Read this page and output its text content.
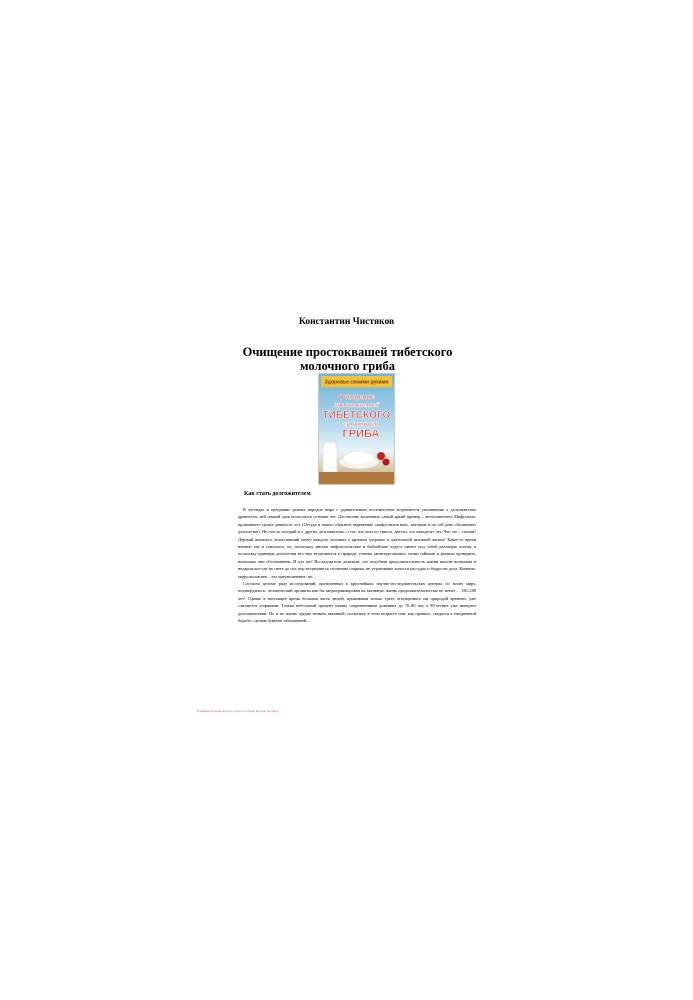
Константин Чистяков
Очищение простоквашей тибетского молочного гриба
Здоровье своими руками
Очищение
простоквашей
ТИБЕТСКОГО
молочного
ГРИБА
Как стать долгожителем

В легендах и преданиях разных народов мира с удивительным постоянством встречаются упоминания о долгожителях древности, чей земной срок исчислялся сотнями лет. Достаточно вспомнить самый яркий пример – ветхозаветного Мафусаила, прожившего целых девятьсот лет. (Отсуда и пошло образное выражение «мафусаилов век», которым и по сей день обозначают долголетие). Не счесть историй и о других долгожителях, о тех, кто жил по триста, двести, сто пятьдесят лет. Что это – сказки? Дерзкий вымысел, воплотивший мечту каждого человека о крепком здоровье и длительной активной жизни? Какое-то время именно так и считалось, но, поскольку многие мифологические и библейские чудеса имеют под собой реальную основу и поскольку примеры долголетия все еще встречаются в природе, ученые заинтересовались этими тайнами и решили проверить, насколько они обоснованны. И что же? Исследователи доказали, что подобная продолжительность жизни вполне возможна и недаром кое-где на свете до сих пор встречаются столетние старики, не утратившие ясности рассудка и бодрости духа. Конечно, мафусаилов век – это преувеличение, но…

Согласно целому ряду исследований, проведенных в крупнейших научно-исследовательских центрах по всему миру, подтвердилось: человеческий организм как бы запрограммирован на активную жизнь продолжительностью не менее… 150–200 лет! Однако в настоящее время большая часть людей, прожившая только треть отпущенного им природой времени, уже считаются стариками. Только небольшой процент наших современников доживает до 70–80 лет, а 90-летних уже именуют долгожителями. Но и их жизнь трудно назвать активной, поскольку в этом возрасте они, как правило, сводятся к ежедневной борьбе с целым букетом заболеваний…

Ознакомительная версия. Купить полную версию на сайте
